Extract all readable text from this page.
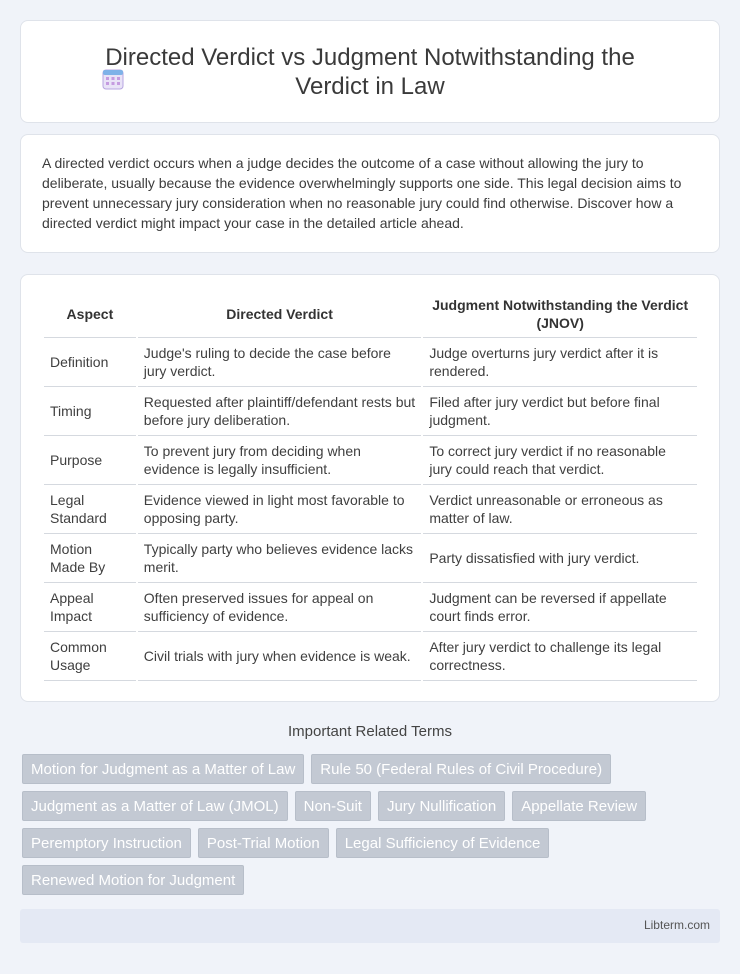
Directed Verdict vs Judgment Notwithstanding the Verdict in Law

A directed verdict occurs when a judge decides the outcome of a case without allowing the jury to deliberate, usually because the evidence overwhelmingly supports one side. This legal decision aims to prevent unnecessary jury consideration when no reasonable jury could find otherwise. Discover how a directed verdict might impact your case in the detailed article ahead.

Aspect	Directed Verdict	Judgment Notwithstanding the Verdict (JNOV)
Definition	Judge's ruling to decide the case before jury verdict.	Judge overturns jury verdict after it is rendered.
Timing	Requested after plaintiff/defendant rests but before jury deliberation.	Filed after jury verdict but before final judgment.
Purpose	To prevent jury from deciding when evidence is legally insufficient.	To correct jury verdict if no reasonable jury could reach that verdict.
Legal Standard	Evidence viewed in light most favorable to opposing party.	Verdict unreasonable or erroneous as matter of law.
Motion Made By	Typically party who believes evidence lacks merit.	Party dissatisfied with jury verdict.
Appeal Impact	Often preserved issues for appeal on sufficiency of evidence.	Judgment can be reversed if appellate court finds error.
Common Usage	Civil trials with jury when evidence is weak.	After jury verdict to challenge its legal correctness.
Important Related Terms
Motion for Judgment as a Matter of Law	Rule 50 (Federal Rules of Civil Procedure)
Judgment as a Matter of Law (JMOL)	Non-Suit	Jury Nullification	Appellate Review
Peremptory Instruction	Post-Trial Motion	Legal Sufficiency of Evidence
Renewed Motion for Judgment
Libterm.com
